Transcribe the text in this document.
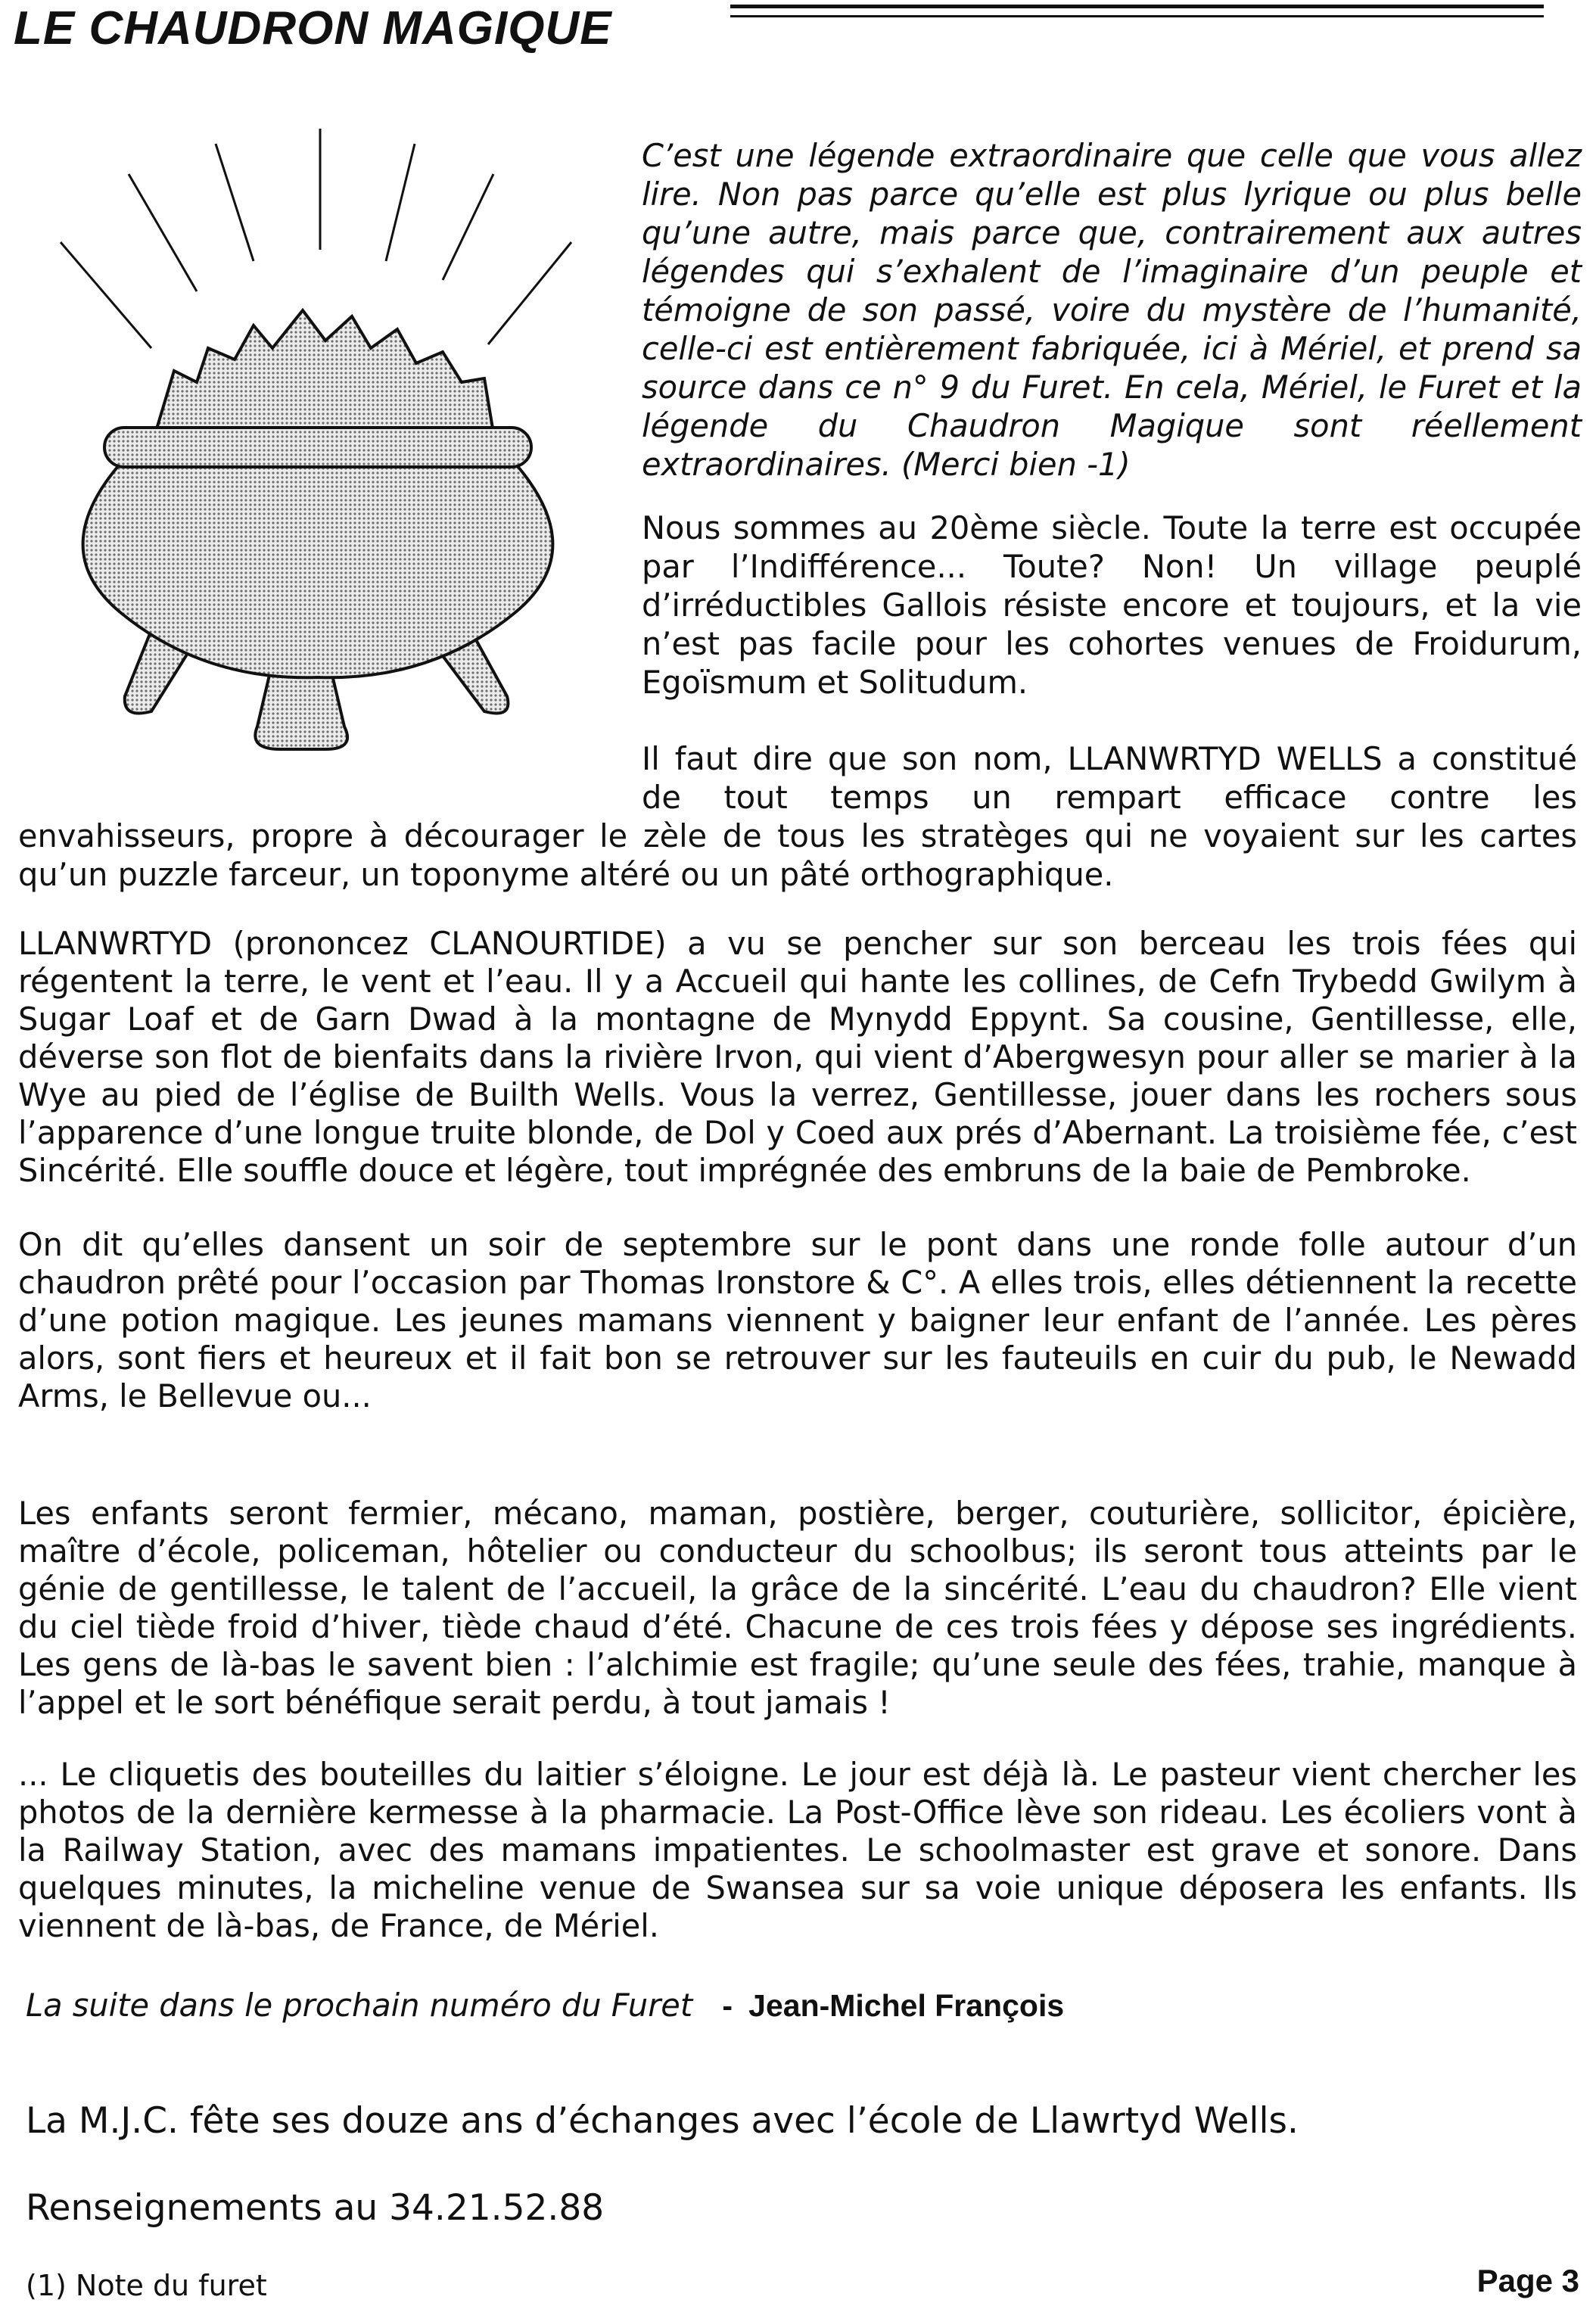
LE CHAUDRON MAGIQUE

C’est une légende extraordinaire que celle que vous allez lire. Non pas parce qu’elle est plus lyrique ou plus belle qu’une autre, mais parce que, contrairement aux autres légendes qui s’exhalent de l’imaginaire d’un peuple et témoigne de son passé, voire du mystère de l’humanité, celle-ci est entièrement fabriquée, ici à Mériel, et prend sa source dans ce n° 9 du Furet. En cela, Mériel, le Furet et la légende du Chaudron Magique sont réellement extraordinaires. (Merci bien -1)

Nous sommes au 20ème siècle. Toute la terre est occupée par l’Indifférence... Toute? Non! Un village peuplé d’irréductibles Gallois résiste encore et toujours, et la vie n’est pas facile pour les cohortes venues de Froidurum, Egoïsmum et Solitudum.

Il faut dire que son nom, LLANWRTYD WELLS a constitué de tout temps un rempart efficace contre les

envahisseurs, propre à décourager le zèle de tous les stratèges qui ne voyaient sur les cartes qu’un puzzle farceur, un toponyme altéré ou un pâté orthographique.

LLANWRTYD (prononcez CLANOURTIDE) a vu se pencher sur son berceau les trois fées qui régentent la terre, le vent et l’eau. Il y a Accueil qui hante les collines, de Cefn Trybedd Gwilym à Sugar Loaf et de Garn Dwad à la montagne de Mynydd Eppynt. Sa cousine, Gentillesse, elle, déverse son flot de bienfaits dans la rivière Irvon, qui vient d’Abergwesyn pour aller se marier à la Wye au pied de l’église de Builth Wells. Vous la verrez, Gentillesse, jouer dans les rochers sous l’apparence d’une longue truite blonde, de Dol y Coed aux prés d’Abernant. La troisième fée, c’est Sincérité. Elle souffle douce et légère, tout imprégnée des embruns de la baie de Pembroke.

On dit qu’elles dansent un soir de septembre sur le pont dans une ronde folle autour d’un chaudron prêté pour l’occasion par Thomas Ironstore & C°. A elles trois, elles détiennent la recette d’une potion magique. Les jeunes mamans viennent y baigner leur enfant de l’année. Les pères alors, sont fiers et heureux et il fait bon se retrouver sur les fauteuils en cuir du pub, le Newadd Arms, le Bellevue ou...

Les enfants seront fermier, mécano, maman, postière, berger, couturière, sollicitor, épicière, maître d’école, policeman, hôtelier ou conducteur du schoolbus; ils seront tous atteints par le génie de gentillesse, le talent de l’accueil, la grâce de la sincérité. L’eau du chaudron? Elle vient du ciel tiède froid d’hiver, tiède chaud d’été. Chacune de ces trois fées y dépose ses ingrédients. Les gens de là-bas le savent bien : l’alchimie est fragile; qu’une seule des fées, trahie, manque à l’appel et le sort bénéfique serait perdu, à tout jamais !

... Le cliquetis des bouteilles du laitier s’éloigne. Le jour est déjà là. Le pasteur vient chercher les photos de la dernière kermesse à la pharmacie. La Post-Office lève son rideau. Les écoliers vont à la Railway Station, avec des mamans impatientes. Le schoolmaster est grave et sonore. Dans quelques minutes, la micheline venue de Swansea sur sa voie unique déposera les enfants. Ils viennent de là-bas, de France, de Mériel.

La suite dans le prochain numéro du Furet - Jean-Michel François

La M.J.C. fête ses douze ans d’échanges avec l’école de Llawrtyd Wells.

Renseignements au 34.21.52.88

(1) Note du furet	Page 3
